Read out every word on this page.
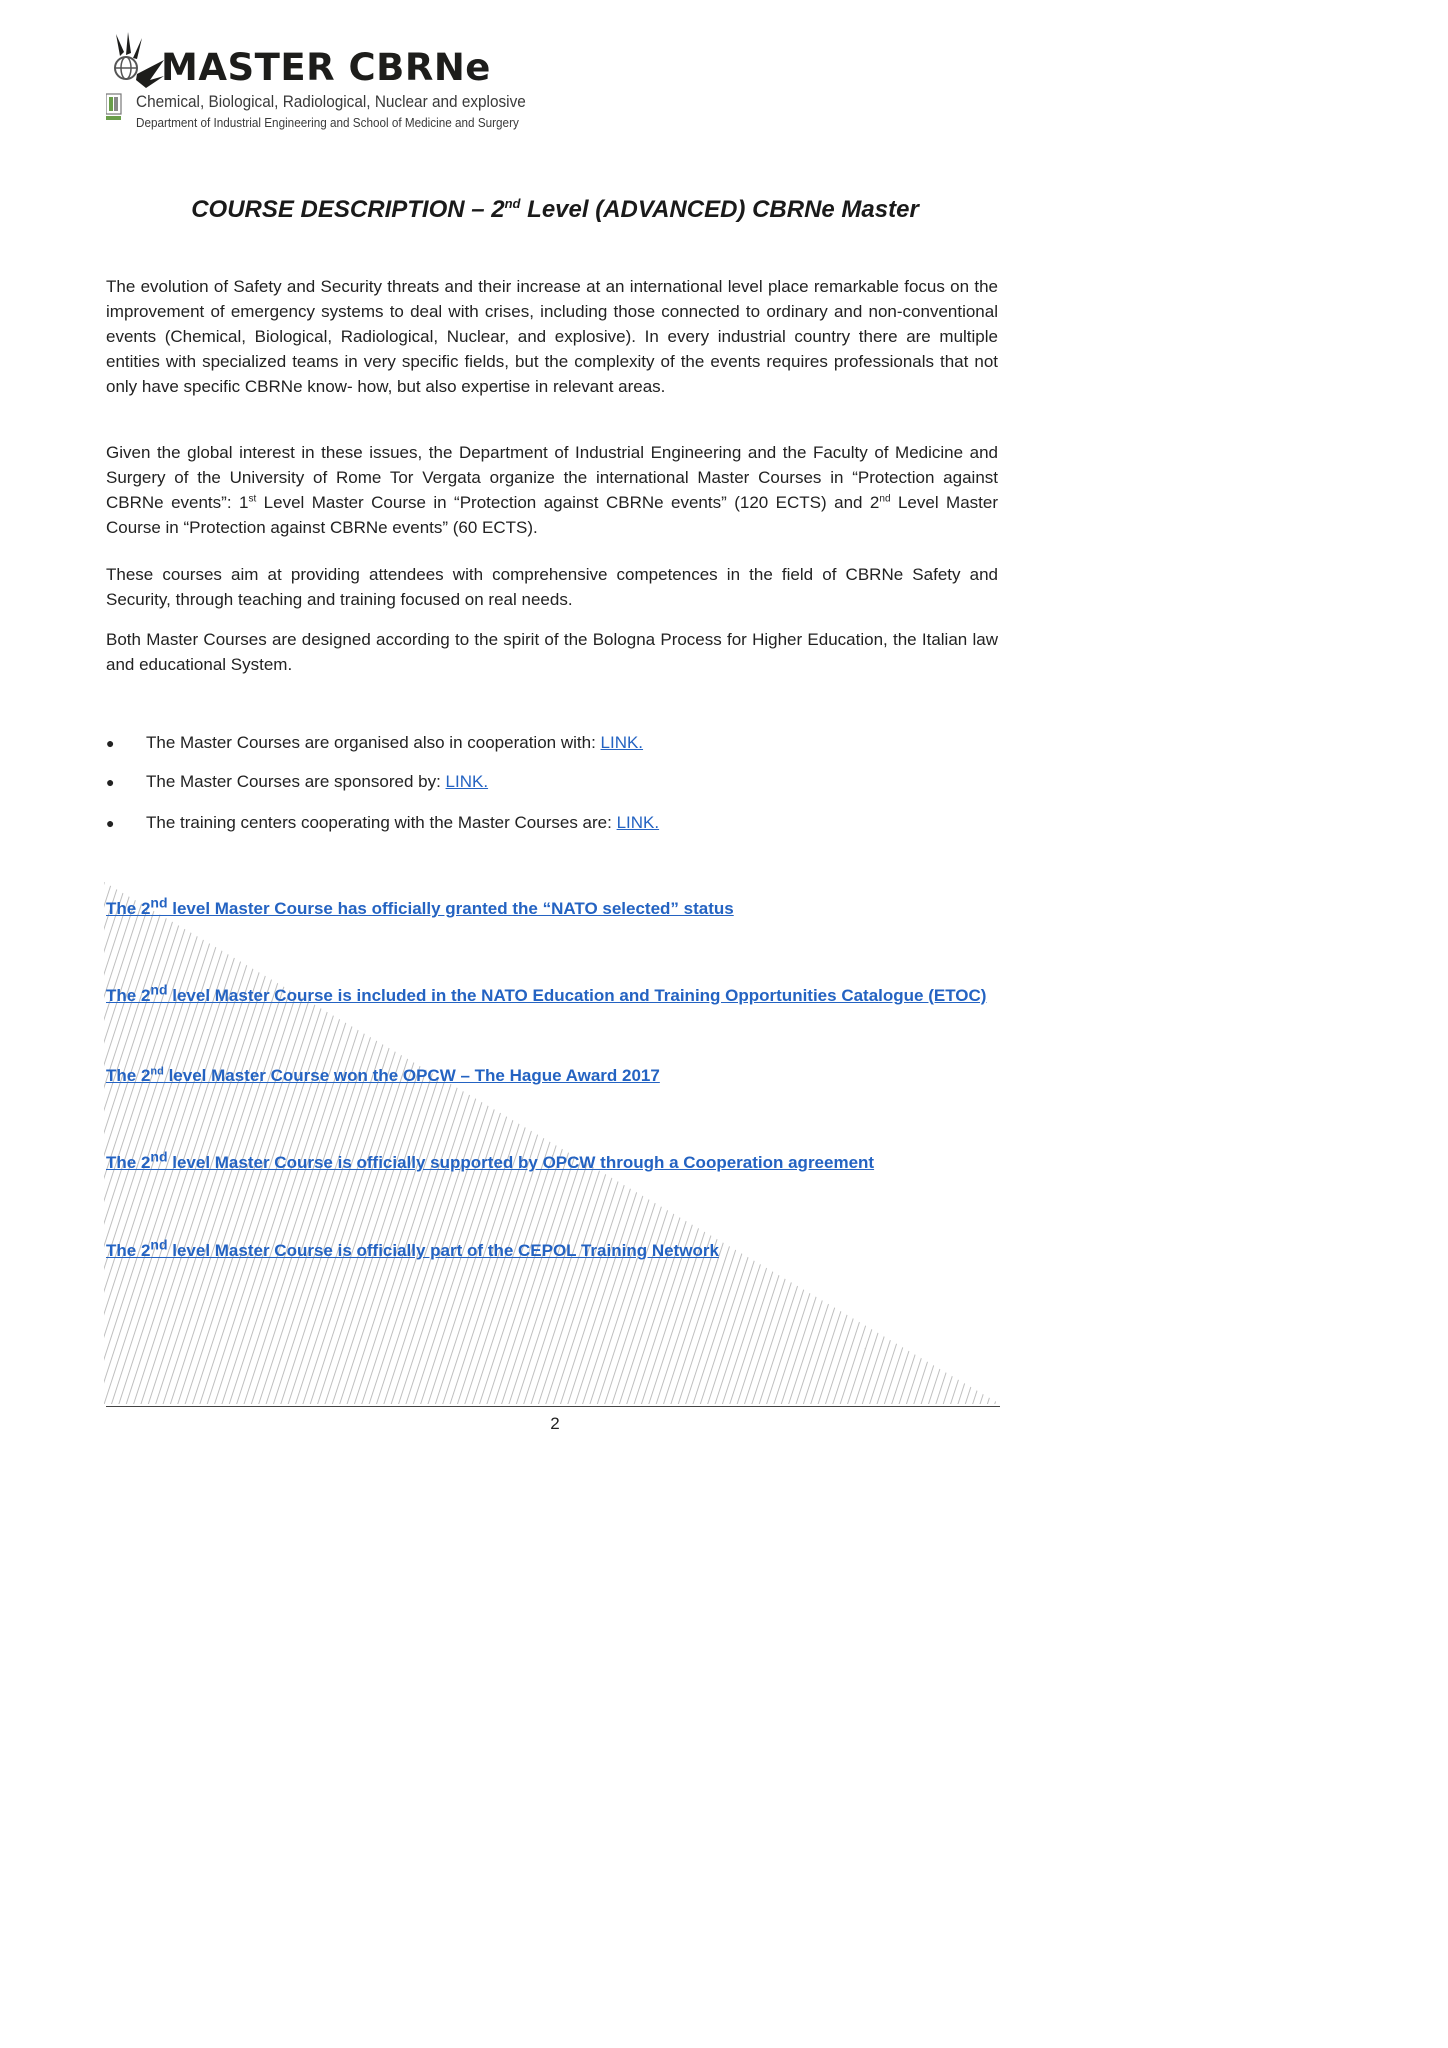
MASTER CBRNe
Chemical, Biological, Radiological, Nuclear and explosive
Department of Industrial Engineering and School of Medicine and Surgery
COURSE DESCRIPTION – 2nd Level (ADVANCED) CBRNe Master
The evolution of Safety and Security threats and their increase at an international level place remarkable focus on the improvement of emergency systems to deal with crises, including those connected to ordinary and non-conventional events (Chemical, Biological, Radiological, Nuclear, and explosive). In every industrial country there are multiple entities with specialized teams in very specific fields, but the complexity of the events requires professionals that not only have specific CBRNe know- how, but also expertise in relevant areas.
Given the global interest in these issues, the Department of Industrial Engineering and the Faculty of Medicine and Surgery of the University of Rome Tor Vergata organize the international Master Courses in “Protection against CBRNe events”: 1st Level Master Course in “Protection against CBRNe events” (120 ECTS) and 2nd Level Master Course in “Protection against CBRNe events” (60 ECTS).
These courses aim at providing attendees with comprehensive competences in the field of CBRNe Safety and Security, through teaching and training focused on real needs.
Both Master Courses are designed according to the spirit of the Bologna Process for Higher Education, the Italian law and educational System.
● The Master Courses are organised also in cooperation with: LINK.
● The Master Courses are sponsored by: LINK.
● The training centers cooperating with the Master Courses are: LINK.
The 2nd level Master Course has officially granted the “NATO selected” status
The 2nd level Master Course is included in the NATO Education and Training Opportunities Catalogue (ETOC)
The 2nd level Master Course won the OPCW – The Hague Award 2017
The 2nd level Master Course is officially supported by OPCW through a Cooperation agreement
The 2nd level Master Course is officially part of the CEPOL Training Network
2
